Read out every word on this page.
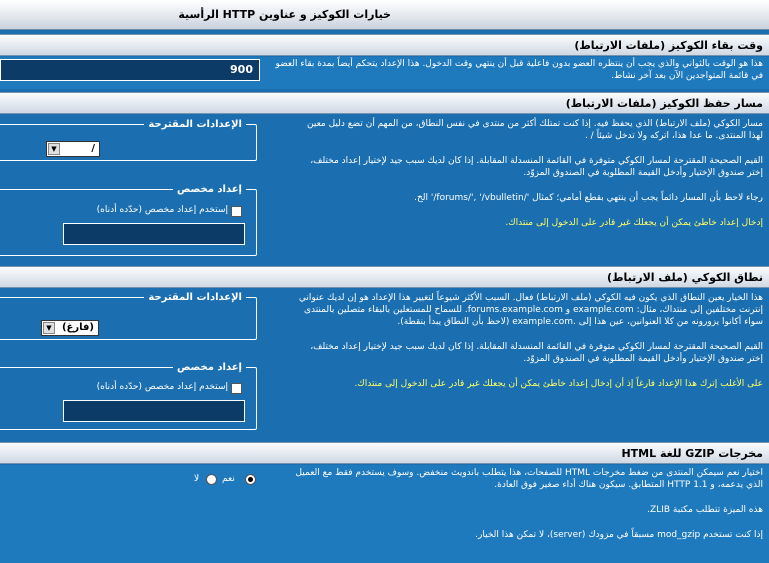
خيارات الكوكيز و عناوين HTTP الرأسية
وقت بقاء الكوكيز (ملفات الارتباط)
هذا هو الوقت بالثواني والذي يجب أن ينتظره العضو بدون فاعلية قبل أن ينتهي وقت الدخول. هذا الإعداد يتحكم أيضاً بمدة بقاء العضو في قائمة المتواجدين الآن بعد آخر نشاط.
900
مسار حفظ الكوكيز (ملفات الارتباط)

مسار الكوكي (ملف الارتباط) الذي يحفظ فيه. إذا كنت تمتلك أكثر من منتدى في نفس النطاق، من المهم أن تضع دليل معين لهذا المنتدى. ما عدا هذا، اتركه ولا تدخل شيئاً / .

القيم الصحيحة المقترحة لمسار الكوكي متوفرة في القائمة المنسدلة المقابلة. إذا كان لديك سبب جيد لإختيار إعداد مختلف، إختر صندوق الإختيار وأدخل القيمة المطلوبة في الصندوق المزوّد.

رجاء لاحظ بأن المسار دائماً يجب أن ينتهي بقطع أمامي؛ كمثال '/forums/', '/vbulletin/' الخ.

إدخال إعداد خاطئ يمكن أن يجعلك غير قادر على الدخول إلى منتداك.

الإعدادات المقترحة
/
▼
إعداد مخصص
إستخدم إعداد مخصص (حدّده أدناه)
نطاق الكوكي (ملف الارتباط)

هذا الخيار يعين النطاق الذي يكون فيه الكوكي (ملف الارتباط) فعال. السبب الأكثر شيوعاً لتغيير هذا الإعداد هو إن لديك عنواني إنترنت مختلفين إلى منتداك، مثال: example.com و forums.example.com. للسماح للمستعلين بالبقاء متصلين بالمنتدى سواء أكانوا يزورونه من كلا العنوانين، عين هذا إلى .example.com (لاحظ بأن النطاق يبدأ بنقطة).

القيم الصحيحة المقترحة لمسار الكوكي متوفرة في القائمة المنسدلة المقابلة. إذا كان لديك سبب جيد لإختيار إعداد مختلف، إختر صندوق الإختيار وأدخل القيمة المطلوبة في الصندوق المزوّد.

على الأغلب إترك هذا الإعداد فارغاً إذ أن إدخال إعداد خاطئ يمكن أن يجعلك غير قادر على الدخول إلى منتداك.

الإعدادات المقترحة
(فارغ)
▼
إعداد مخصص
إستخدم إعداد مخصص (حدّده أدناه)
مخرجات GZIP للغة HTML

اختيار نعم سيمكن المنتدى من ضغط مخرجات HTML للصفحات، هذا يتطلب باندويث منخفض. وسوف يستخدم فقط مع العميل الذي يدعمه، و HTTP 1.1 المتطابق. سيكون هناك أداء صغير فوق العادة.

هذه الميزة تتطلب مكتبة ZLIB.

إذا كنت تستخدم mod_gzip مسبقاً في مزودك (server)، لا تمكن هذا الخيار.

نعم
لا
